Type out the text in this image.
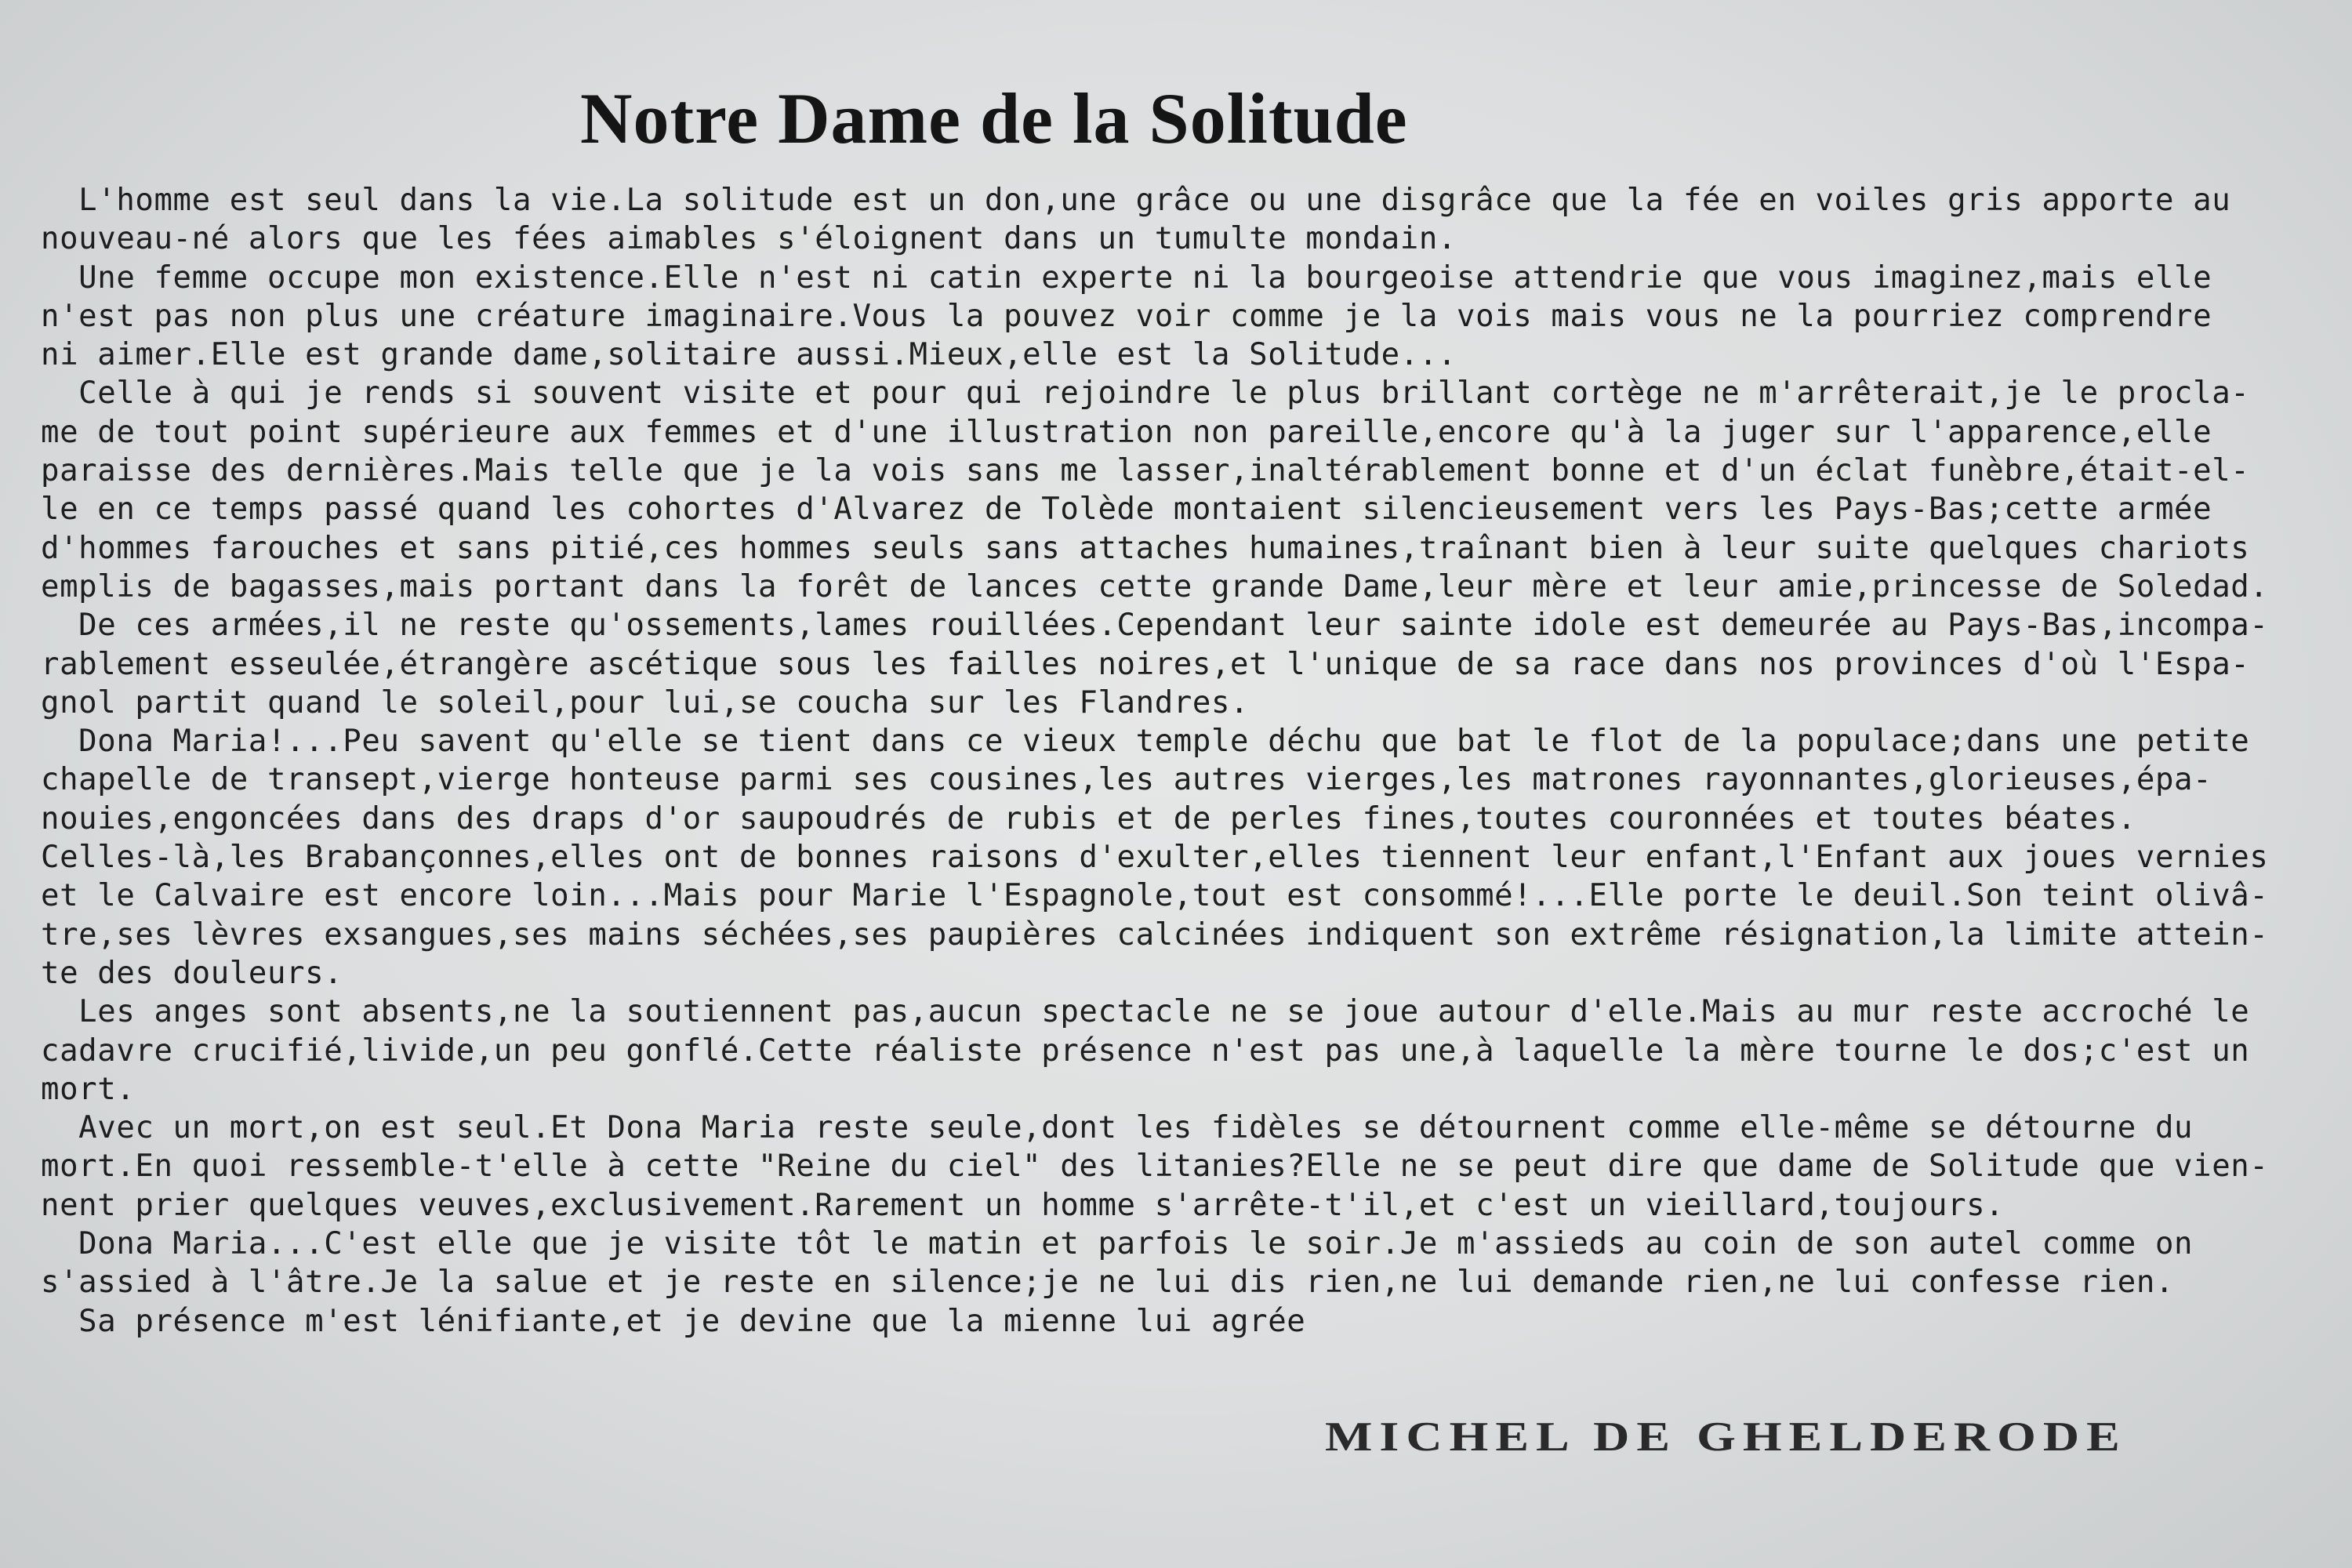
Notre Dame de la Solitude
L'homme est seul dans la vie.La solitude est un don,une grâce ou une disgrâce que la fée en voiles gris apporte au
nouveau-né alors que les fées aimables s'éloignent dans un tumulte mondain.
Une femme occupe mon existence.Elle n'est ni catin experte ni la bourgeoise attendrie que vous imaginez,mais elle
n'est pas non plus une créature imaginaire.Vous la pouvez voir comme je la vois mais vous ne la pourriez comprendre
ni aimer.Elle est grande dame,solitaire aussi.Mieux,elle est la Solitude...
Celle à qui je rends si souvent visite et pour qui rejoindre le plus brillant cortège ne m'arrêterait,je le procla-
me de tout point supérieure aux femmes et d'une illustration non pareille,encore qu'à la juger sur l'apparence,elle
paraisse des dernières.Mais telle que je la vois sans me lasser,inaltérablement bonne et d'un éclat funèbre,était-el-
le en ce temps passé quand les cohortes d'Alvarez de Tolède montaient silencieusement vers les Pays-Bas;cette armée
d'hommes farouches et sans pitié,ces hommes seuls sans attaches humaines,traînant bien à leur suite quelques chariots
emplis de bagasses,mais portant dans la forêt de lances cette grande Dame,leur mère et leur amie,princesse de Soledad.
De ces armées,il ne reste qu'ossements,lames rouillées.Cependant leur sainte idole est demeurée au Pays-Bas,incompa-
rablement esseulée,étrangère ascétique sous les failles noires,et l'unique de sa race dans nos provinces d'où l'Espa-
gnol partit quand le soleil,pour lui,se coucha sur les Flandres.
Dona Maria!...Peu savent qu'elle se tient dans ce vieux temple déchu que bat le flot de la populace;dans une petite
chapelle de transept,vierge honteuse parmi ses cousines,les autres vierges,les matrones rayonnantes,glorieuses,épa-
nouies,engoncées dans des draps d'or saupoudrés de rubis et de perles fines,toutes couronnées et toutes béates.
Celles-là,les Brabançonnes,elles ont de bonnes raisons d'exulter,elles tiennent leur enfant,l'Enfant aux joues vernies
et le Calvaire est encore loin...Mais pour Marie l'Espagnole,tout est consommé!...Elle porte le deuil.Son teint olivâ-
tre,ses lèvres exsangues,ses mains séchées,ses paupières calcinées indiquent son extrême résignation,la limite attein-
te des douleurs.
Les anges sont absents,ne la soutiennent pas,aucun spectacle ne se joue autour d'elle.Mais au mur reste accroché le
cadavre crucifié,livide,un peu gonflé.Cette réaliste présence n'est pas une,à laquelle la mère tourne le dos;c'est un
mort.
Avec un mort,on est seul.Et Dona Maria reste seule,dont les fidèles se détournent comme elle-même se détourne du
mort.En quoi ressemble-t'elle à cette "Reine du ciel" des litanies?Elle ne se peut dire que dame de Solitude que vien-
nent prier quelques veuves,exclusivement.Rarement un homme s'arrête-t'il,et c'est un vieillard,toujours.
Dona Maria...C'est elle que je visite tôt le matin et parfois le soir.Je m'assieds au coin de son autel comme on
s'assied à l'âtre.Je la salue et je reste en silence;je ne lui dis rien,ne lui demande rien,ne lui confesse rien.
Sa présence m'est lénifiante,et je devine que la mienne lui agrée
MICHEL DE GHELDERODE
